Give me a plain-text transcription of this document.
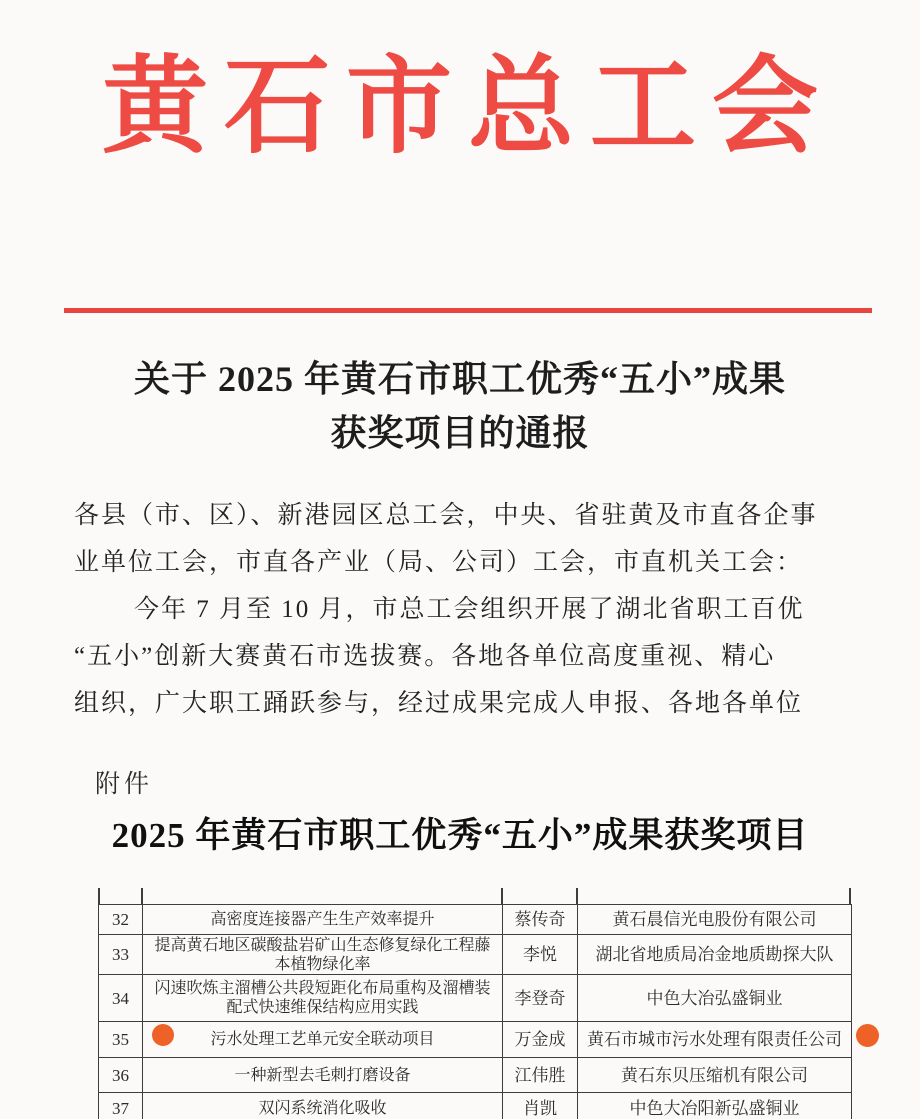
黄石市总工会
关于 2025 年黄石市职工优秀“五小”成果
获奖项目的通报
各县（市、区）、新港园区总工会，中央、省驻黄及市直各企事
业单位工会，市直各产业（局、公司）工会，市直机关工会：
今年 7 月至 10 月，市总工会组织开展了湖北省职工百优
“五小”创新大赛黄石市选拔赛。各地各单位高度重视、精心
组织，广大职工踊跃参与，经过成果完成人申报、各地各单位
附件
2025 年黄石市职工优秀“五小”成果获奖项目
32	高密度连接器产生生产效率提升	蔡传奇	黄石晨信光电股份有限公司
33	提高黄石地区碳酸盐岩矿山生态修复绿化工程藤本植物绿化率	李悦	湖北省地质局冶金地质勘探大队
34	闪速吹炼主溜槽公共段短距化布局重构及溜槽装配式快速维保结构应用实践	李登奇	中色大冶弘盛铜业
35	污水处理工艺单元安全联动项目	万金成	黄石市城市污水处理有限责任公司
36	一种新型去毛刺打磨设备	江伟胜	黄石东贝压缩机有限公司
37	双闪系统消化吸收	肖凯	中色大冶阳新弘盛铜业
